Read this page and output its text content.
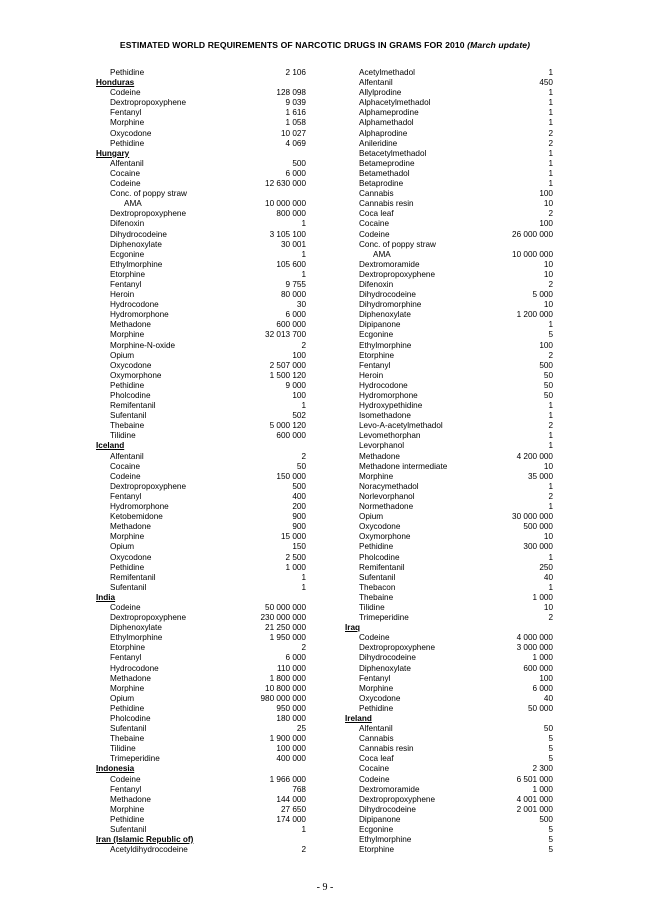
ESTIMATED WORLD REQUIREMENTS OF NARCOTIC DRUGS IN GRAMS FOR 2010 (March update)
Pethidine	2 106
Honduras
Codeine	128 098
Dextropropoxyphene	9 039
Fentanyl	1 616
Morphine	1 058
Oxycodone	10 027
Pethidine	4 069
Hungary
Alfentanil	500
Cocaine	6 000
Codeine	12 630 000
Conc. of poppy straw
AMA	10 000 000
Dextropropoxyphene	800 000
Difenoxin	1
Dihydrocodeine	3 105 100
Diphenoxylate	30 001
Ecgonine	1
Ethylmorphine	105 600
Etorphine	1
Fentanyl	9 755
Heroin	80 000
Hydrocodone	30
Hydromorphone	6 000
Methadone	600 000
Morphine	32 013 700
Morphine-N-oxide	2
Opium	100
Oxycodone	2 507 000
Oxymorphone	1 500 120
Pethidine	9 000
Pholcodine	100
Remifentanil	1
Sufentanil	502
Thebaine	5 000 120
Tilidine	600 000
Iceland
Alfentanil	2
Cocaine	50
Codeine	150 000
Dextropropoxyphene	500
Fentanyl	400
Hydromorphone	200
Ketobemidone	900
Methadone	900
Morphine	15 000
Opium	150
Oxycodone	2 500
Pethidine	1 000
Remifentanil	1
Sufentanil	1
India
Codeine	50 000 000
Dextropropoxyphene	230 000 000
Diphenoxylate	21 250 000
Ethylmorphine	1 950 000
Etorphine	2
Fentanyl	6 000
Hydrocodone	110 000
Methadone	1 800 000
Morphine	10 800 000
Opium	980 000 000
Pethidine	950 000
Pholcodine	180 000
Sufentanil	25
Thebaine	1 900 000
Tilidine	100 000
Trimeperidine	400 000
Indonesia
Codeine	1 966 000
Fentanyl	768
Methadone	144 000
Morphine	27 650
Pethidine	174 000
Sufentanil	1
Iran (Islamic Republic of)
Acetyldihydrocodeine	2
Acetylmethadol	1
Alfentanil	450
Allylprodine	1
Alphacetylmethadol	1
Alphameprodine	1
Alphamethadol	1
Alphaprodine	2
Anileridine	2
Betacetylmethadol	1
Betameprodine	1
Betamethadol	1
Betaprodine	1
Cannabis	100
Cannabis resin	10
Coca leaf	2
Cocaine	100
Codeine	26 000 000
Conc. of poppy straw
AMA	10 000 000
Dextromoramide	10
Dextropropoxyphene	10
Difenoxin	2
Dihydrocodeine	5 000
Dihydromorphine	10
Diphenoxylate	1 200 000
Dipipanone	1
Ecgonine	5
Ethylmorphine	100
Etorphine	2
Fentanyl	500
Heroin	50
Hydrocodone	50
Hydromorphone	50
Hydroxypethidine	1
Isomethadone	1
Levo-A-acetylmethadol	2
Levomethorphan	1
Levorphanol	1
Methadone	4 200 000
Methadone intermediate	10
Morphine	35 000
Noracymethadol	1
Norlevorphanol	2
Normethadone	1
Opium	30 000 000
Oxycodone	500 000
Oxymorphone	10
Pethidine	300 000
Pholcodine	1
Remifentanil	250
Sufentanil	40
Thebacon	1
Thebaine	1 000
Tilidine	10
Trimeperidine	2
Iraq
Codeine	4 000 000
Dextropropoxyphene	3 000 000
Dihydrocodeine	1 000
Diphenoxylate	600 000
Fentanyl	100
Morphine	6 000
Oxycodone	40
Pethidine	50 000
Ireland
Alfentanil	50
Cannabis	5
Cannabis resin	5
Coca leaf	5
Cocaine	2 300
Codeine	6 501 000
Dextromoramide	1 000
Dextropropoxyphene	4 001 000
Dihydrocodeine	2 001 000
Dipipanone	500
Ecgonine	5
Ethylmorphine	5
Etorphine	5
- 9 -
